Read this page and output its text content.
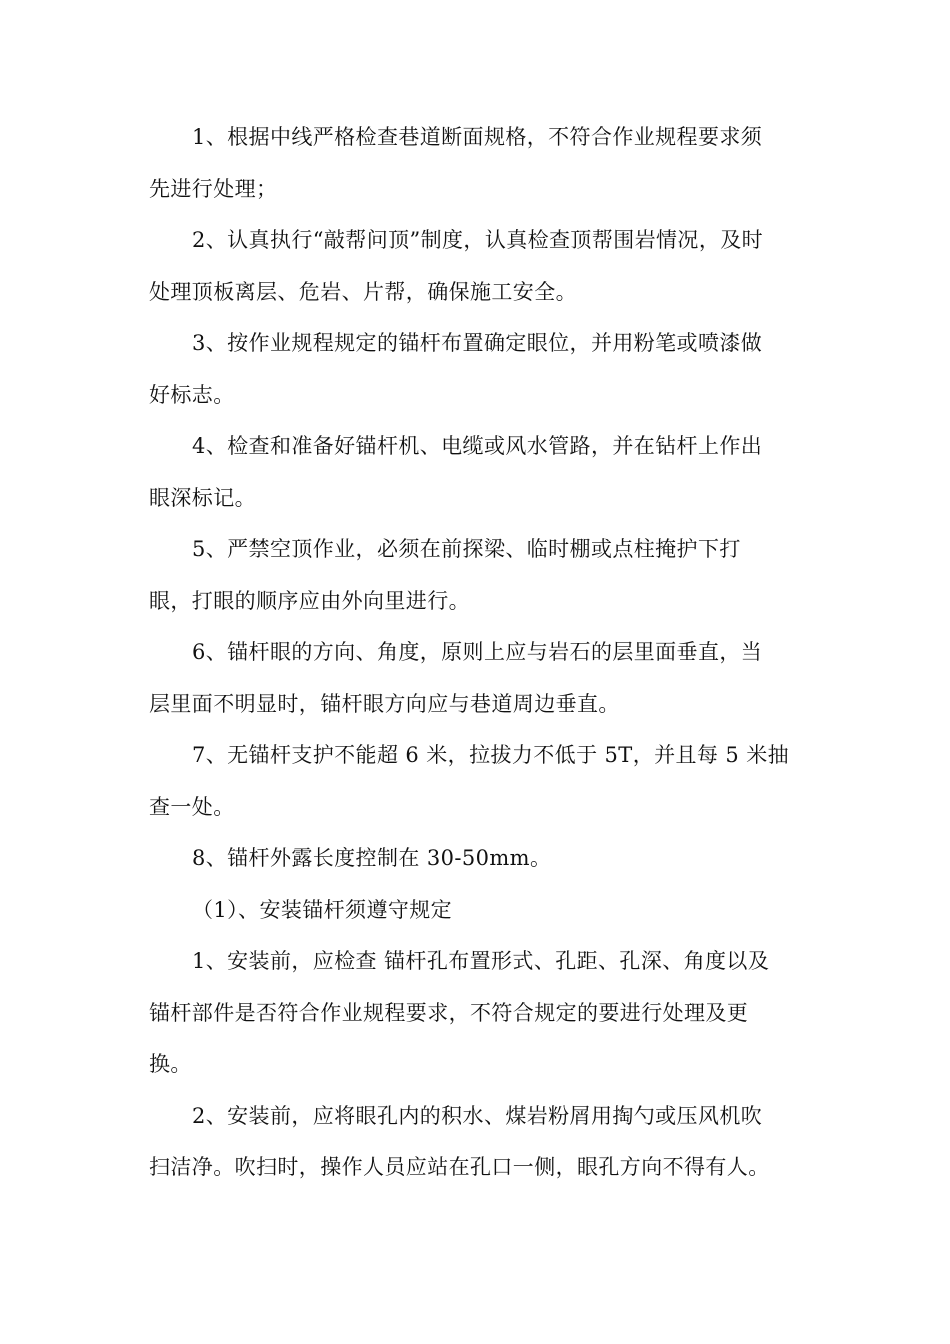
1、根据中线严格检查巷道断面规格，不符合作业规程要求须
先进行处理；

2、认真执行“敲帮问顶”制度，认真检查顶帮围岩情况，及时
处理顶板离层、危岩、片帮，确保施工安全。

3、按作业规程规定的锚杆布置确定眼位，并用粉笔或喷漆做
好标志。

4、检查和准备好锚杆机、电缆或风水管路，并在钻杆上作出
眼深标记。

5、严禁空顶作业，必须在前探梁、临时棚或点柱掩护下打
眼，打眼的顺序应由外向里进行。

6、锚杆眼的方向、角度，原则上应与岩石的层里面垂直，当
层里面不明显时，锚杆眼方向应与巷道周边垂直。

7、无锚杆支护不能超 6 米，拉拔力不低于 5T，并且每 5 米抽
查一处。

8、锚杆外露长度控制在 30-50mm。

（1）、安装锚杆须遵守规定

1、安装前，应检查 锚杆孔布置形式、孔距、孔深、角度以及
锚杆部件是否符合作业规程要求，不符合规定的要进行处理及更
换。

2、安装前，应将眼孔内的积水、煤岩粉屑用掏勺或压风机吹
扫洁净。吹扫时，操作人员应站在孔口一侧，眼孔方向不得有人。
